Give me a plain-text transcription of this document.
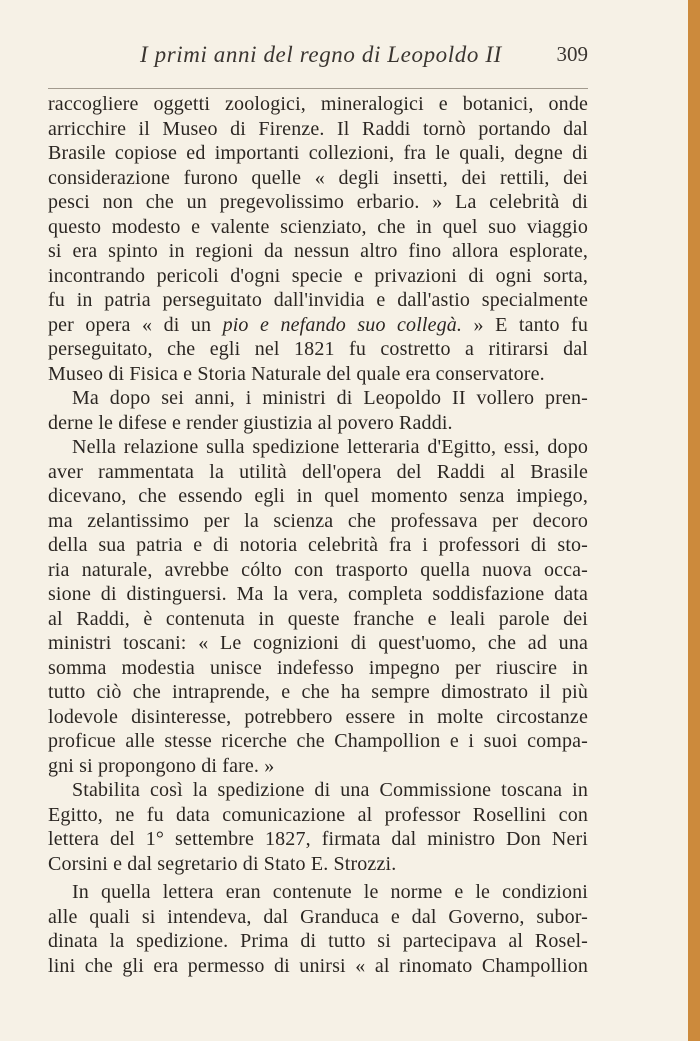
I primi anni del regno di Leopoldo II	309
raccogliere oggetti zoologici, mineralogici e botanici, onde
arricchire il Museo di Firenze. Il Raddi tornò portando dal
Brasile copiose ed importanti collezioni, fra le quali, degne di
considerazione furono quelle « degli insetti, dei rettili, dei
pesci non che un pregevolissimo erbario. » La celebrità di
questo modesto e valente scienziato, che in quel suo viaggio
si era spinto in regioni da nessun altro fino allora esplorate,
incontrando pericoli d'ogni specie e privazioni di ogni sorta,
fu in patria perseguitato dall'invidia e dall'astio specialmente
per opera « di un pio e nefando suo collegà. » E tanto fu
perseguitato, che egli nel 1821 fu costretto a ritirarsi dal
Museo di Fisica e Storia Naturale del quale era conservatore.
Ma dopo sei anni, i ministri di Leopoldo II vollero pren-
derne le difese e render giustizia al povero Raddi.
Nella relazione sulla spedizione letteraria d'Egitto, essi, dopo
aver rammentata la utilità dell'opera del Raddi al Brasile
dicevano, che essendo egli in quel momento senza impiego,
ma zelantissimo per la scienza che professava per decoro
della sua patria e di notoria celebrità fra i professori di sto-
ria naturale, avrebbe cólto con trasporto quella nuova occa-
sione di distinguersi. Ma la vera, completa soddisfazione data
al Raddi, è contenuta in queste franche e leali parole dei
ministri toscani: « Le cognizioni di quest'uomo, che ad una
somma modestia unisce indefesso impegno per riuscire in
tutto ciò che intraprende, e che ha sempre dimostrato il più
lodevole disinteresse, potrebbero essere in molte circostanze
proficue alle stesse ricerche che Champollion e i suoi compa-
gni si propongono di fare. »
Stabilita così la spedizione di una Commissione toscana in
Egitto, ne fu data comunicazione al professor Rosellini con
lettera del 1° settembre 1827, firmata dal ministro Don Neri
Corsini e dal segretario di Stato E. Strozzi.
In quella lettera eran contenute le norme e le condizioni
alle quali si intendeva, dal Granduca e dal Governo, subor-
dinata la spedizione. Prima di tutto si partecipava al Rosel-
lini che gli era permesso di unirsi « al rinomato Champollion
